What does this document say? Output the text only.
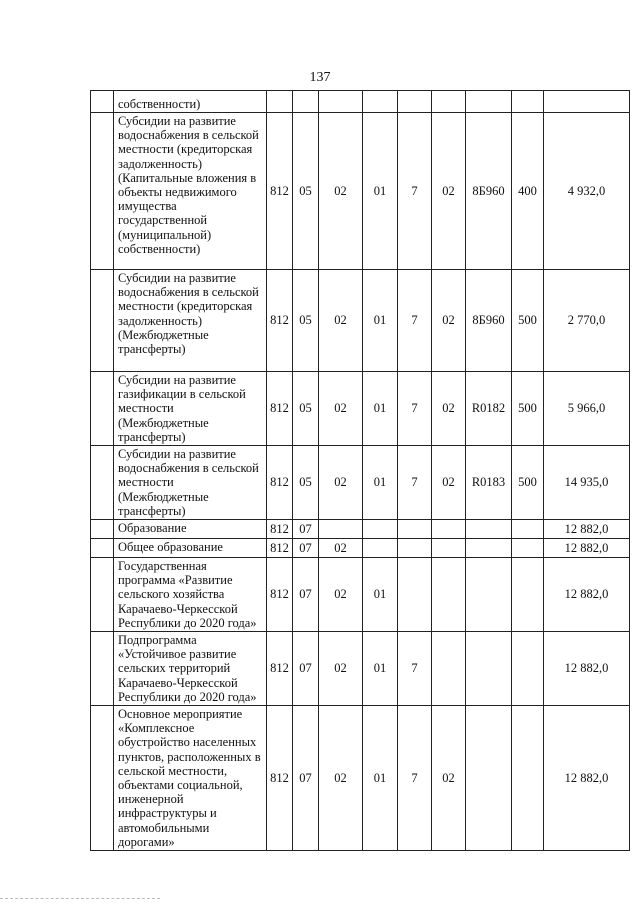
137
	собственности)									
	Субсидии на развитие водоснабжения в сельской местности (кредиторская задолженность) (Капитальные вложения в объекты недвижимого имущества государственной (муниципальной) собственности)	812	05	02	01	7	02	8Б960	400	4 932,0
	Субсидии на развитие водоснабжения в сельской местности (кредиторская задолженность) (Межбюджетные трансферты)	812	05	02	01	7	02	8Б960	500	2 770,0
	Субсидии на развитие газификации в сельской местности (Межбюджетные трансферты)	812	05	02	01	7	02	R0182	500	5 966,0
	Субсидии на развитие водоснабжения в сельской местности (Межбюджетные трансферты)	812	05	02	01	7	02	R0183	500	14 935,0
	Образование	812	07							12 882,0
	Общее образование	812	07	02						12 882,0
	Государственная программа «Развитие сельского хозяйства Карачаево-Черкесской Республики до 2020 года»	812	07	02	01					12 882,0
	Подпрограмма «Устойчивое развитие сельских территорий Карачаево-Черкесской Республики до 2020 года»	812	07	02	01	7				12 882,0
	Основное мероприятие «Комплексное обустройство населенных пунктов, расположенных в сельской местности, объектами социальной, инженерной инфраструктуры и автомобильными дорогами»	812	07	02	01	7	02			12 882,0
